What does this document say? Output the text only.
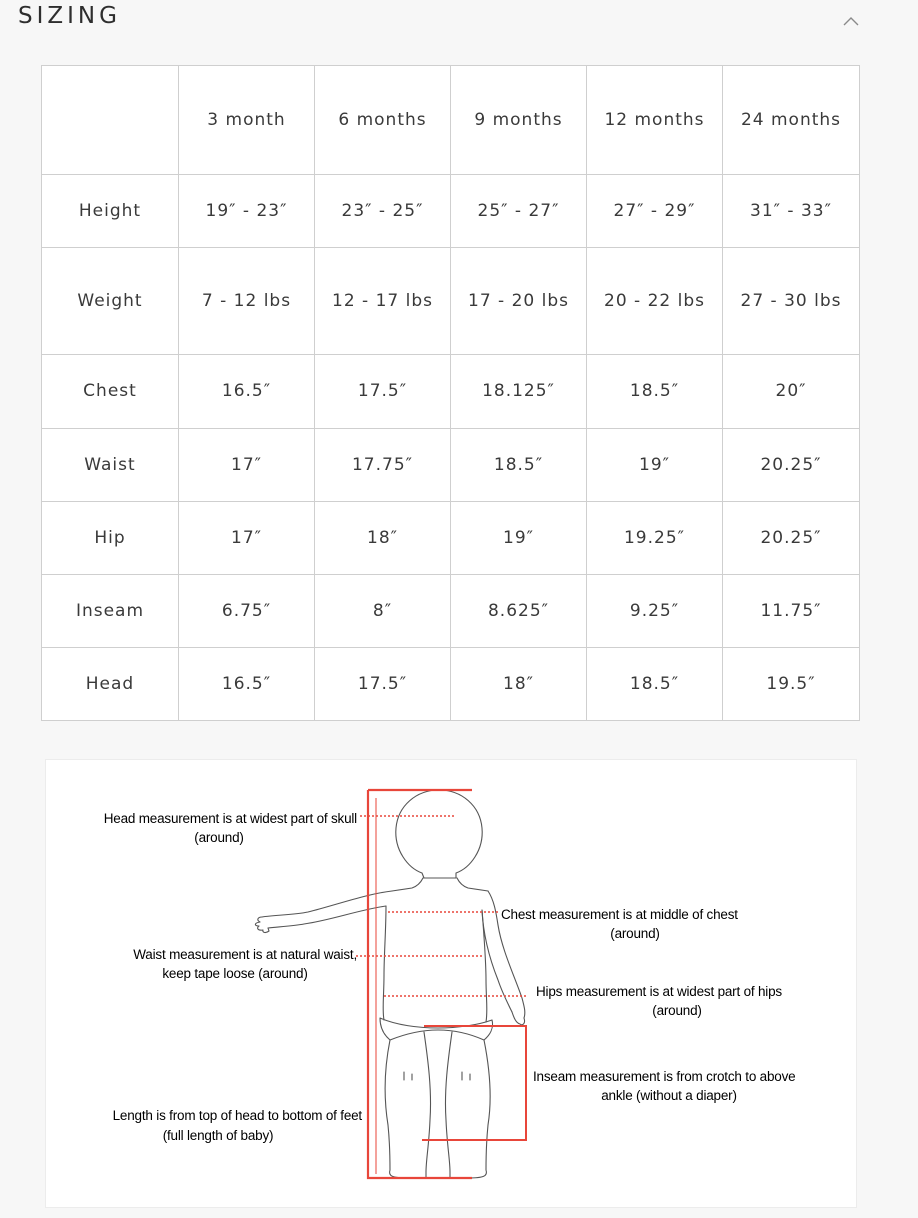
SIZING
	3 month	6 months	9 months	12 months	24 months
Height	19″ - 23″	23″ - 25″	25″ - 27″	27″ - 29″	31″ - 33″
Weight	7 - 12 lbs	12 - 17 lbs	17 - 20 lbs	20 - 22 lbs	27 - 30 lbs
Chest	16.5″	17.5″	18.125″	18.5″	20″
Waist	17″	17.75″	18.5″	19″	20.25″
Hip	17″	18″	19″	19.25″	20.25″
Inseam	6.75″	8″	8.625″	9.25″	11.75″
Head	16.5″	17.5″	18″	18.5″	19.5″
Head measurement is at widest part of skull
(around)
Chest measurement is at middle of chest
(around)
Waist measurement is at natural waist,
keep tape loose (around)
Hips measurement is at widest part of hips
(around)
Inseam measurement is from crotch to above
ankle (without a diaper)
Length is from top of head to bottom of feet
(full length of baby)
